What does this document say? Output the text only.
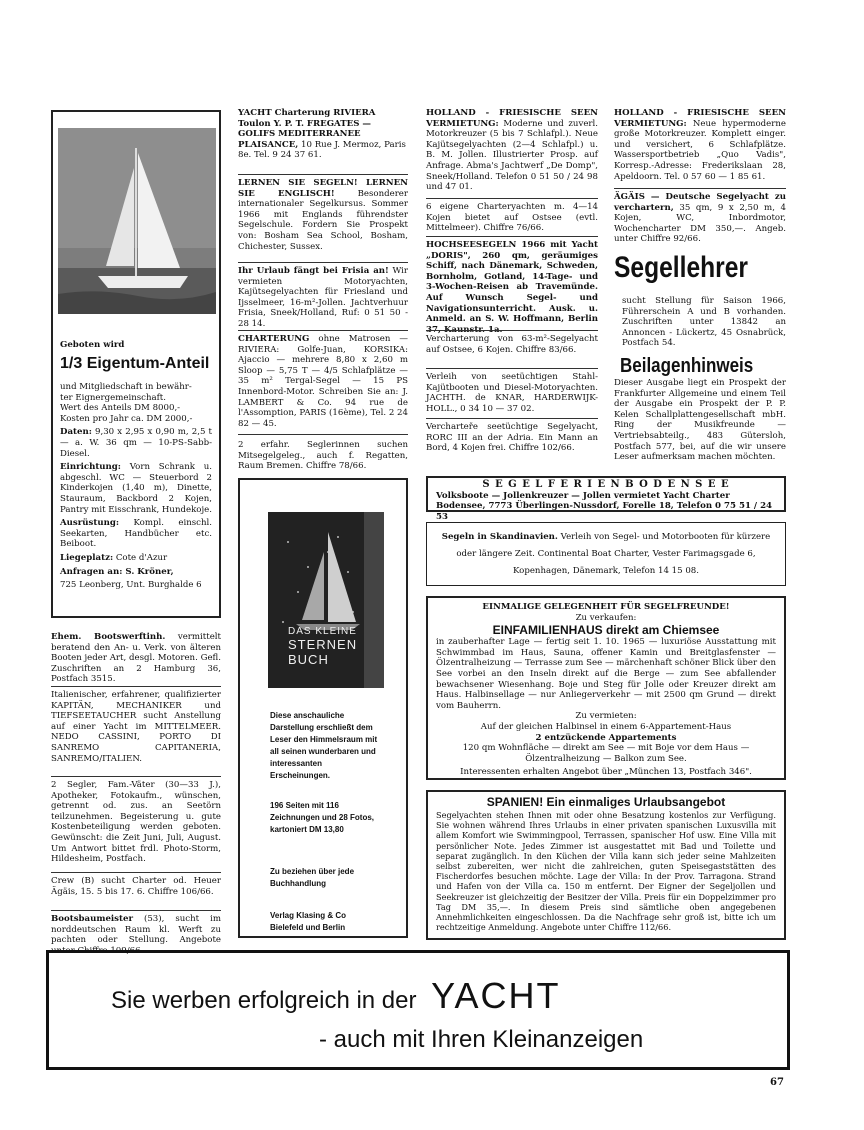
Geboten wird
1/3 Eigentum-Anteil
und Mitgliedschaft in bewähr-
ter Eignergemeinschaft.
Wert des Anteils DM 8000,-
Kosten pro Jahr ca. DM 2000,-

Daten: 9,30 x 2,95 x 0,90 m, 2,5 t — a. W. 36 qm — 10-PS-Sabb-Diesel.

Einrichtung: Vorn Schrank u. abgeschl. WC — Steuerbord 2 Kinderkojen (1,40 m), Dinette, Stauraum, Backbord 2 Kojen, Pantry mit Eisschrank, Hundekoje.

Ausrüstung: Kompl. einschl. Seekarten, Handbücher etc. Beiboot.

Liegeplatz: Cote d'Azur

Anfragen an: S. Kröner,

725 Leonberg, Unt. Burghalde 6

Ehem. Bootswerftinh. vermittelt beratend den An- u. Verk. von älteren Booten jeder Art, desgl. Motoren. Gefl. Zuschriften an 2 Hamburg 36, Postfach 3515.
Italienischer, erfahrener, qualifizierter KAPITÄN, MECHANIKER und TIEFSEETAUCHER sucht Anstellung auf einer Yacht im MITTELMEER. NEDO CASSINI, PORTO DI SANREMO CAPITANERIA, SANREMO/ITALIEN.
2 Segler, Fam.-Väter (30—33 J.), Apotheker, Fotokaufm., wünschen, getrennt od. zus. an Seetörn teilzunehmen. Begeisterung u. gute Kostenbeteiligung werden geboten. Gewünscht: die Zeit Juni, Juli, August. Um Antwort bittet frdl. Photo-Storm, Hildesheim, Postfach.
Crew (B) sucht Charter od. Heuer Ägäis, 15. 5 bis 17. 6. Chiffre 106/66.
Bootsbaumeister (53), sucht im norddeutschen Raum kl. Werft zu pachten oder Stellung. Angebote unter Chiffre 109/66.
YACHT Charterung RIVIERA Toulon Y. P. T. FREGATES — GOLIFS MEDITERRANEE PLAISANCE, 10 Rue J. Mermoz, Paris 8e. Tel. 9 24 37 61.
LERNEN SIE SEGELN! LERNEN SIE ENGLISCH! Besonderer internationaler Segelkursus. Sommer 1966 mit Englands führendster Segelschule. Fordern Sie Prospekt von: Bosham Sea School, Bosham, Chichester, Sussex.
Ihr Urlaub fängt bei Frisia an! Wir vermieten Motoryachten, Kajütsegelyachten für Friesland und Ijsselmeer, 16-m²-Jollen. Jachtverhuur Frisia, Sneek/Holland, Ruf: 0 51 50 - 28 14.
CHARTERUNG ohne Matrosen — RIVIERA: Golfe-Juan, KORSIKA: Ajaccio — mehrere 8,80 x 2,60 m Sloop — 5,75 T — 4/5 Schlafplätze — 35 m² Tergal-Segel — 15 PS Innenbord-Motor. Schreiben Sie an: J. LAMBERT & Co. 94 rue de l'Assomption, PARIS (16ème), Tel. 2 24 82 — 45.
2 erfahr. Seglerinnen suchen Mitsegelgeleg., auch f. Regatten, Raum Bremen. Chiffre 78/66.
DAS KLEINE
STERNEN
BUCH
Diese anschauliche Darstellung erschließt dem Leser den Himmelsraum mit all seinen wunderbaren und interessanten Erscheinungen.
196 Seiten mit 116 Zeichnungen und 28 Fotos, kartoniert DM 13,80
Zu beziehen über jede Buchhandlung
Verlag Klasing & Co Bielefeld und Berlin
HOLLAND - FRIESISCHE SEEN VERMIETUNG: Moderne und zuverl. Motorkreuzer (5 bis 7 Schlafpl.). Neue Kajütsegelyachten (2—4 Schlafpl.) u. B. M. Jollen. Illustrierter Prosp. auf Anfrage. Abma's Jachtwerf „De Domp", Sneek/Holland. Telefon 0 51 50 / 24 98 und 47 01.
6 eigene Charteryachten m. 4—14 Kojen bietet auf Ostsee (evtl. Mittelmeer). Chiffre 76/66.
HOCHSEESEGELN 1966 mit Yacht „DORIS", 260 qm, geräumiges Schiff, nach Dänemark, Schweden, Bornholm, Gotland, 14-Tage- und 3-Wochen-Reisen ab Travemünde. Auf Wunsch Segel- und Navigationsunterricht. Ausk. u. Anmeld. an S. W. Hoffmann, Berlin 37, Kaunstr. 1a.
Vercharterung von 63-m²-Segelyacht auf Ostsee, 6 Kojen. Chiffre 83/66.
Verleih von seetüchtigen Stahl-Kajütbooten und Diesel-Motoryachten. JACHTH. de KNAR, HARDERWIJK-HOLL., 0 34 10 — 37 02.
Vercharteře seetüchtige Segelyacht, RORC III an der Adria. Ein Mann an Bord, 4 Kojen frei. Chiffre 102/66.
HOLLAND - FRIESISCHE SEEN VERMIETUNG: Neue hypermoderne große Motorkreuzer. Komplett einger. und versichert, 6 Schlafplätze. Wassersportbetrieb „Quo Vadis", Korresp.-Adresse: Frederikslaan 28, Apeldoorn. Tel. 0 57 60 — 1 85 61.
ÄGÄIS — Deutsche Segelyacht zu verchartern, 35 qm, 9 x 2,50 m, 4 Kojen, WC, Inbordmotor, Wochencharter DM 350,—. Angeb. unter Chiffre 92/66.
Segellehrer
sucht Stellung für Saison 1966, Führerschein A und B vorhanden. Zuschriften unter 13842 an Annoncen - Lückertz, 45 Osnabrück, Postfach 54.
Beilagenhinweis
Dieser Ausgabe liegt ein Prospekt der Frankfurter Allgemeine und einem Teil der Ausgabe ein Prospekt der P. P. Kelen Schallplattengesellschaft mbH. Ring der Musikfreunde — Vertriebsabteilg., 483 Gütersloh, Postfach 577, bei, auf die wir unsere Leser aufmerksam machen möchten.
S E G E L F E R I E N B O D E N S E E
Volksboote — Jollenkreuzer — Jollen vermietet Yacht Charter Bodensee, 7773 Überlingen-Nussdorf, Forelle 18, Telefon 0 75 51 / 24 53
Segeln in Skandinavien. Verleih von Segel- und Motorbooten für kürzere oder längere Zeit. Continental Boat Charter, Vester Farimagsgade 6, Kopenhagen, Dänemark, Telefon 14 15 08.
EINMALIGE GELEGENHEIT FÜR SEGELFREUNDE!
Zu verkaufen:
EINFAMILIENHAUS direkt am Chiemsee
in zauberhafter Lage — fertig seit 1. 10. 1965 — luxuriöse Ausstattung mit Schwimmbad im Haus, Sauna, offener Kamin und Breitglasfenster — Ölzentralheizung — Terrasse zum See — märchenhaft schöner Blick über den See vorbei an den Inseln direkt auf die Berge — zum See abfallender bewachsener Wiesenhang. Boje und Steg für Jolle oder Kreuzer direkt am Haus. Halbinsellage — nur Anliegerverkehr — mit 2500 qm Grund — direkt vom Bauherrn.
Zu vermieten:
Auf der gleichen Halbinsel in einem 6-Appartement-Haus
2 entzückende Appartements
120 qm Wohnfläche — direkt am See — mit Boje vor dem Haus — Ölzentralheizung — Balkon zum See.
Interessenten erhalten Angebot über „München 13, Postfach 346".
SPANIEN! Ein einmaliges Urlaubsangebot
Segelyachten stehen Ihnen mit oder ohne Besatzung kostenlos zur Verfügung. Sie wohnen während Ihres Urlaubs in einer privaten spanischen Luxusvilla mit allem Komfort wie Swimmingpool, Terrassen, spanischer Hof usw. Eine Villa mit persönlicher Note. Jedes Zimmer ist ausgestattet mit Bad und Toilette und separat zugänglich. In den Küchen der Villa kann sich jeder seine Mahlzeiten selbst zubereiten, wer nicht die zahlreichen, guten Speisegaststätten des Fischerdorfes besuchen möchte. Lage der Villa: In der Prov. Tarragona. Strand und Hafen von der Villa ca. 150 m entfernt. Der Eigner der Segeljollen und Seekreuzer ist gleichzeitig der Besitzer der Villa. Preis für ein Doppelzimmer pro Tag DM 35,—. In diesem Preis sind sämtliche oben angegebenen Annehmlichkeiten eingeschlossen. Da die Nachfrage sehr groß ist, bitte ich um rechtzeitige Anmeldung. Angebote unter Chiffre 112/66.
Sie werben erfolgreich in der YACHT
- auch mit Ihren Kleinanzeigen
67
